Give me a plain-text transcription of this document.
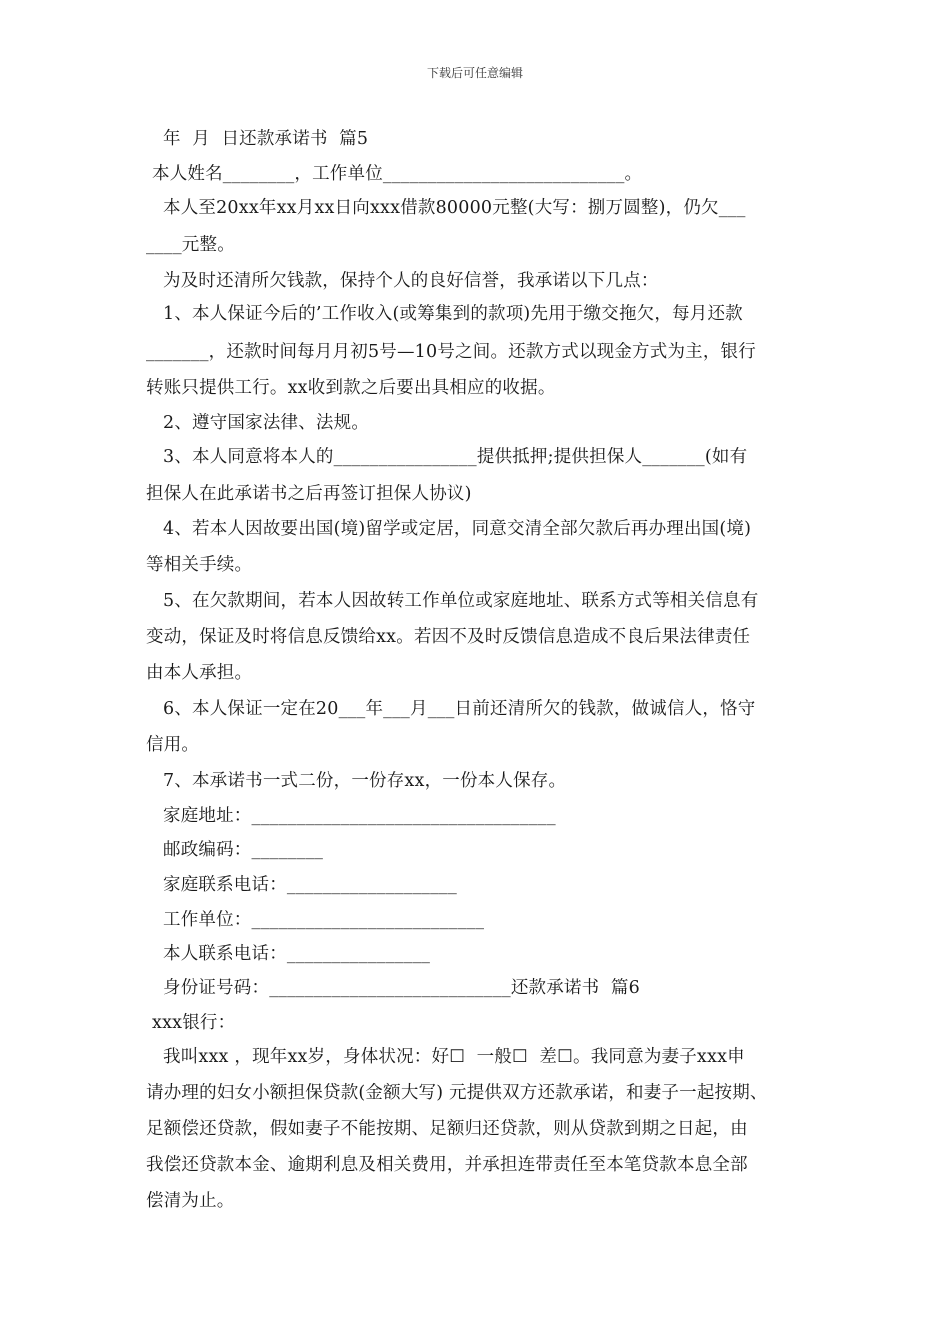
下载后可任意编辑
年  月  日还款承诺书  篇5
本人姓名________，工作单位___________________________。
本人至20xx年xx月xx日向xxx借款80000元整(大写：捌万圆整)，仍欠___
____元整。
为及时还清所欠钱款，保持个人的良好信誉，我承诺以下几点：
1、本人保证今后的’工作收入(或筹集到的款项)先用于缴交拖欠，每月还款
_______，还款时间每月月初5号—10号之间。还款方式以现金方式为主，银行
转账只提供工行。xx收到款之后要出具相应的收据。
2、遵守国家法律、法规。
3、本人同意将本人的________________提供抵押;提供担保人_______(如有
担保人在此承诺书之后再签订担保人协议)
4、若本人因故要出国(境)留学或定居，同意交清全部欠款后再办理出国(境)
等相关手续。
5、在欠款期间，若本人因故转工作单位或家庭地址、联系方式等相关信息有
变动，保证及时将信息反馈给xx。若因不及时反馈信息造成不良后果法律责任
由本人承担。
6、本人保证一定在20___年___月___日前还清所欠的钱款，做诚信人，恪守
信用。
7、本承诺书一式二份，一份存xx，一份本人保存。
家庭地址：__________________________________
邮政编码：________
家庭联系电话：___________________
工作单位：__________________________
本人联系电话：________________
身份证号码：___________________________还款承诺书  篇6
xxx银行：
我叫xxx ，现年xx岁，身体状况：好☐  一般☐  差☐。我同意为妻子xxx申
请办理的妇女小额担保贷款(金额大写) 元提供双方还款承诺，和妻子一起按期、
足额偿还贷款，假如妻子不能按期、足额归还贷款，则从贷款到期之日起，由
我偿还贷款本金、逾期利息及相关费用，并承担连带责任至本笔贷款本息全部
偿清为止。
